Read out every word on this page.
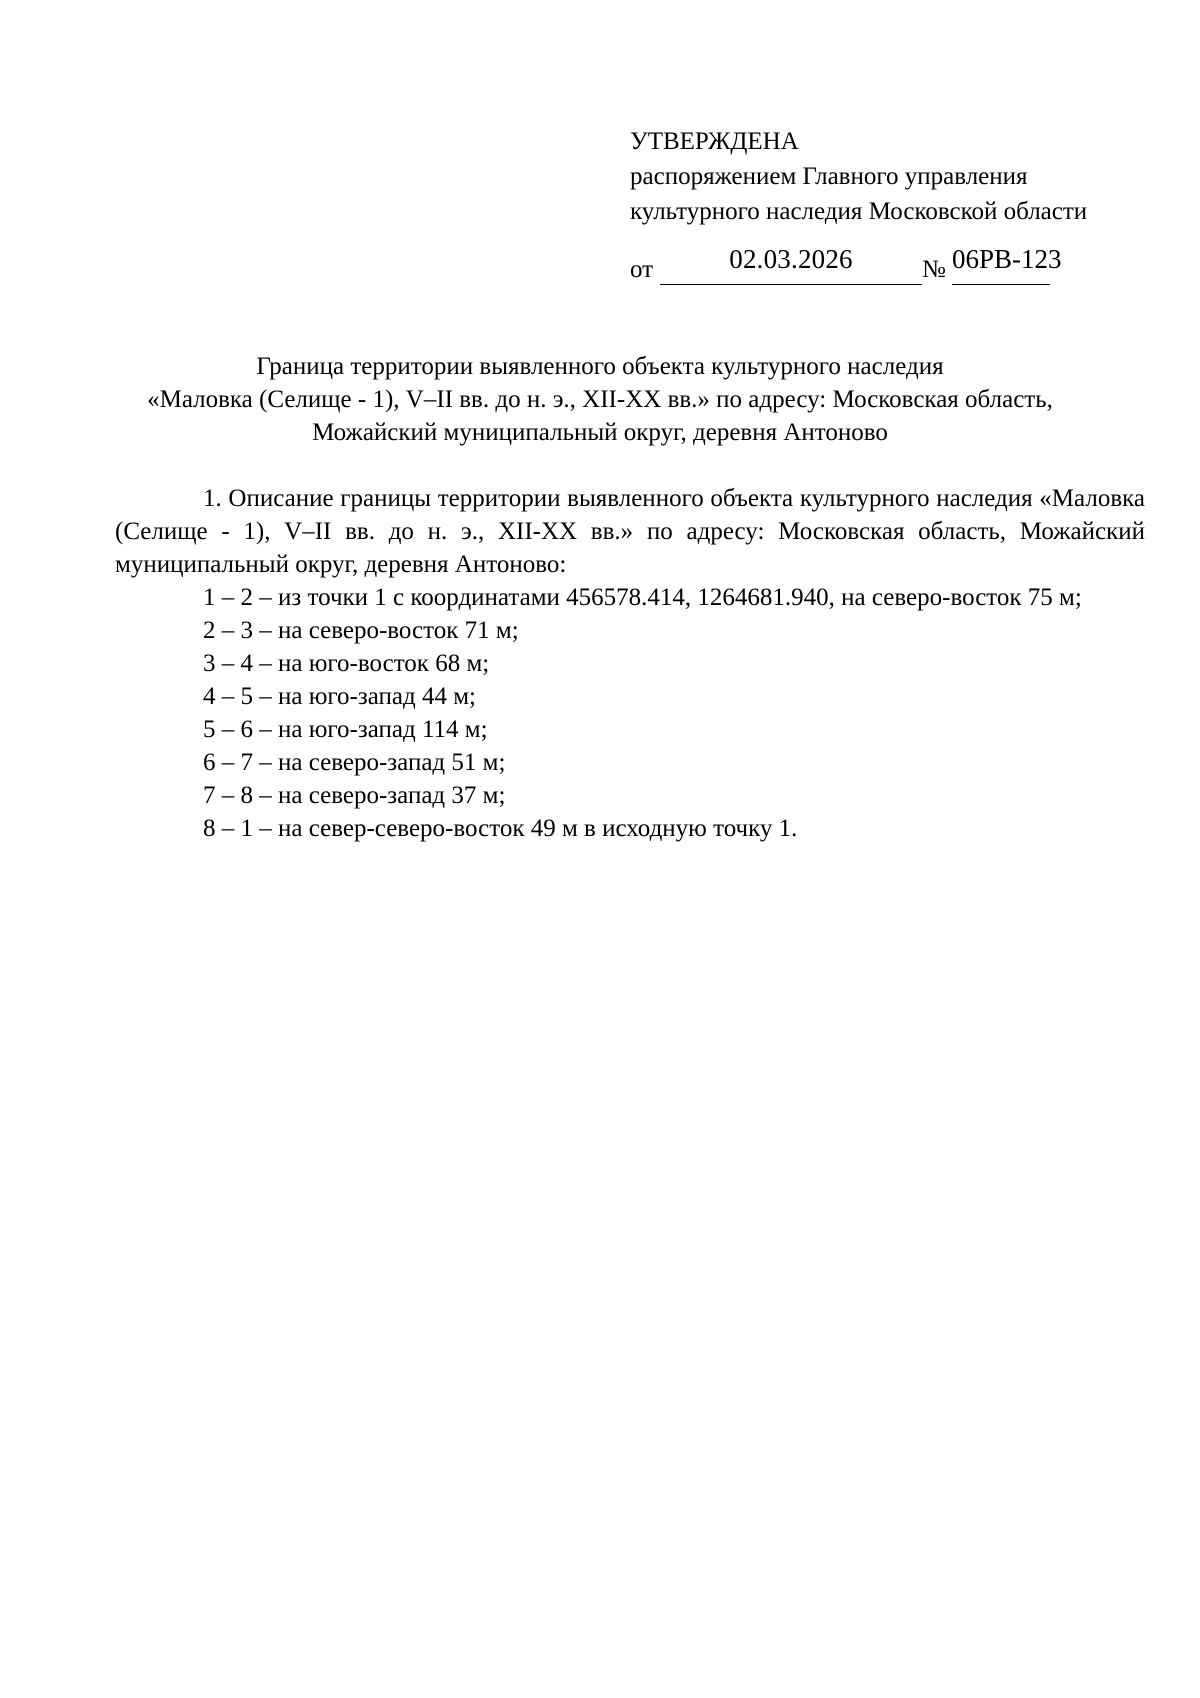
УТВЕРЖДЕНА
распоряжением Главного управления
культурного наследия Московской области
от	02.03.2026	№ 06РВ-123
Граница территории выявленного объекта культурного наследия
«Маловка (Селище - 1), V–II вв. до н. э., XII-XX вв.» по адресу: Московская область,
Можайский муниципальный округ, деревня Антоново

1. Описание границы территории выявленного объекта культурного наследия «Маловка (Селище - 1), V–II вв. до н. э., XII-XX вв.» по адресу: Московская область, Можайский муниципальный округ, деревня Антоново:

1 – 2 – из точки 1 с координатами 456578.414, 1264681.940, на северо-восток 75 м;

2 – 3 – на северо-восток 71 м;

3 – 4 – на юго-восток 68 м;

4 – 5 – на юго-запад 44 м;

5 – 6 – на юго-запад 114 м;

6 – 7 – на северо-запад 51 м;

7 – 8 – на северо-запад 37 м;

8 – 1 – на север-северо-восток 49 м в исходную точку 1.
